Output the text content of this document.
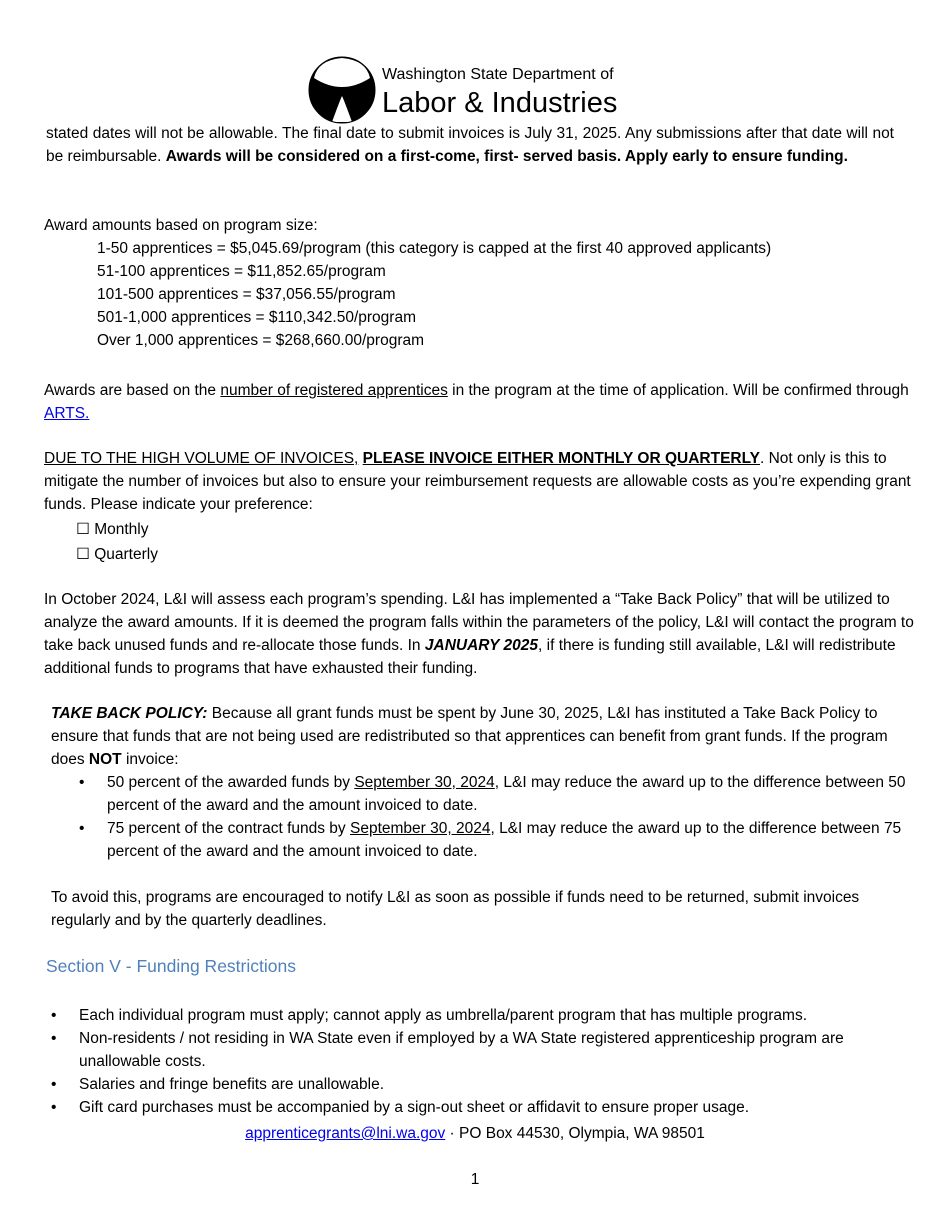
Washington State Department of
Labor & Industries
stated dates will not be allowable. The final date to submit invoices is July 31, 2025. Any submissions after that date will not be reimbursable. Awards will be considered on a first-come, first- served basis. Apply early to ensure funding.
Award amounts based on program size:
1-50 apprentices = $5,045.69/program (this category is capped at the first 40 approved applicants)
51-100 apprentices = $11,852.65/program
101-500 apprentices = $37,056.55/program
501-1,000 apprentices = $110,342.50/program
Over 1,000 apprentices = $268,660.00/program
Awards are based on the number of registered apprentices in the program at the time of application. Will be confirmed through ARTS.
DUE TO THE HIGH VOLUME OF INVOICES, PLEASE INVOICE EITHER MONTHLY OR QUARTERLY. Not only is this to mitigate the number of invoices but also to ensure your reimbursement requests are allowable costs as you’re expending grant funds. Please indicate your preference:
☐ Monthly
☐ Quarterly
In October 2024, L&I will assess each program’s spending. L&I has implemented a “Take Back Policy” that will be utilized to analyze the award amounts. If it is deemed the program falls within the parameters of the policy, L&I will contact the program to take back unused funds and re-allocate those funds. In JANUARY 2025, if there is funding still available, L&I will redistribute additional funds to programs that have exhausted their funding.
TAKE BACK POLICY: Because all grant funds must be spent by June 30, 2025, L&I has instituted a Take Back Policy to ensure that funds that are not being used are redistributed so that apprentices can benefit from grant funds. If the program does NOT invoice:
• 50 percent of the awarded funds by September 30, 2024, L&I may reduce the award up to the difference between 50 percent of the award and the amount invoiced to date.
• 75 percent of the contract funds by September 30, 2024, L&I may reduce the award up to the difference between 75 percent of the award and the amount invoiced to date.
To avoid this, programs are encouraged to notify L&I as soon as possible if funds need to be returned, submit invoices regularly and by the quarterly deadlines.
Section V - Funding Restrictions
• Each individual program must apply; cannot apply as umbrella/parent program that has multiple programs.
• Non-residents / not residing in WA State even if employed by a WA State registered apprenticeship program are unallowable costs.
• Salaries and fringe benefits are unallowable.
• Gift card purchases must be accompanied by a sign-out sheet or affidavit to ensure proper usage.
apprenticegrants@lni.wa.gov · PO Box 44530, Olympia, WA 98501
1
